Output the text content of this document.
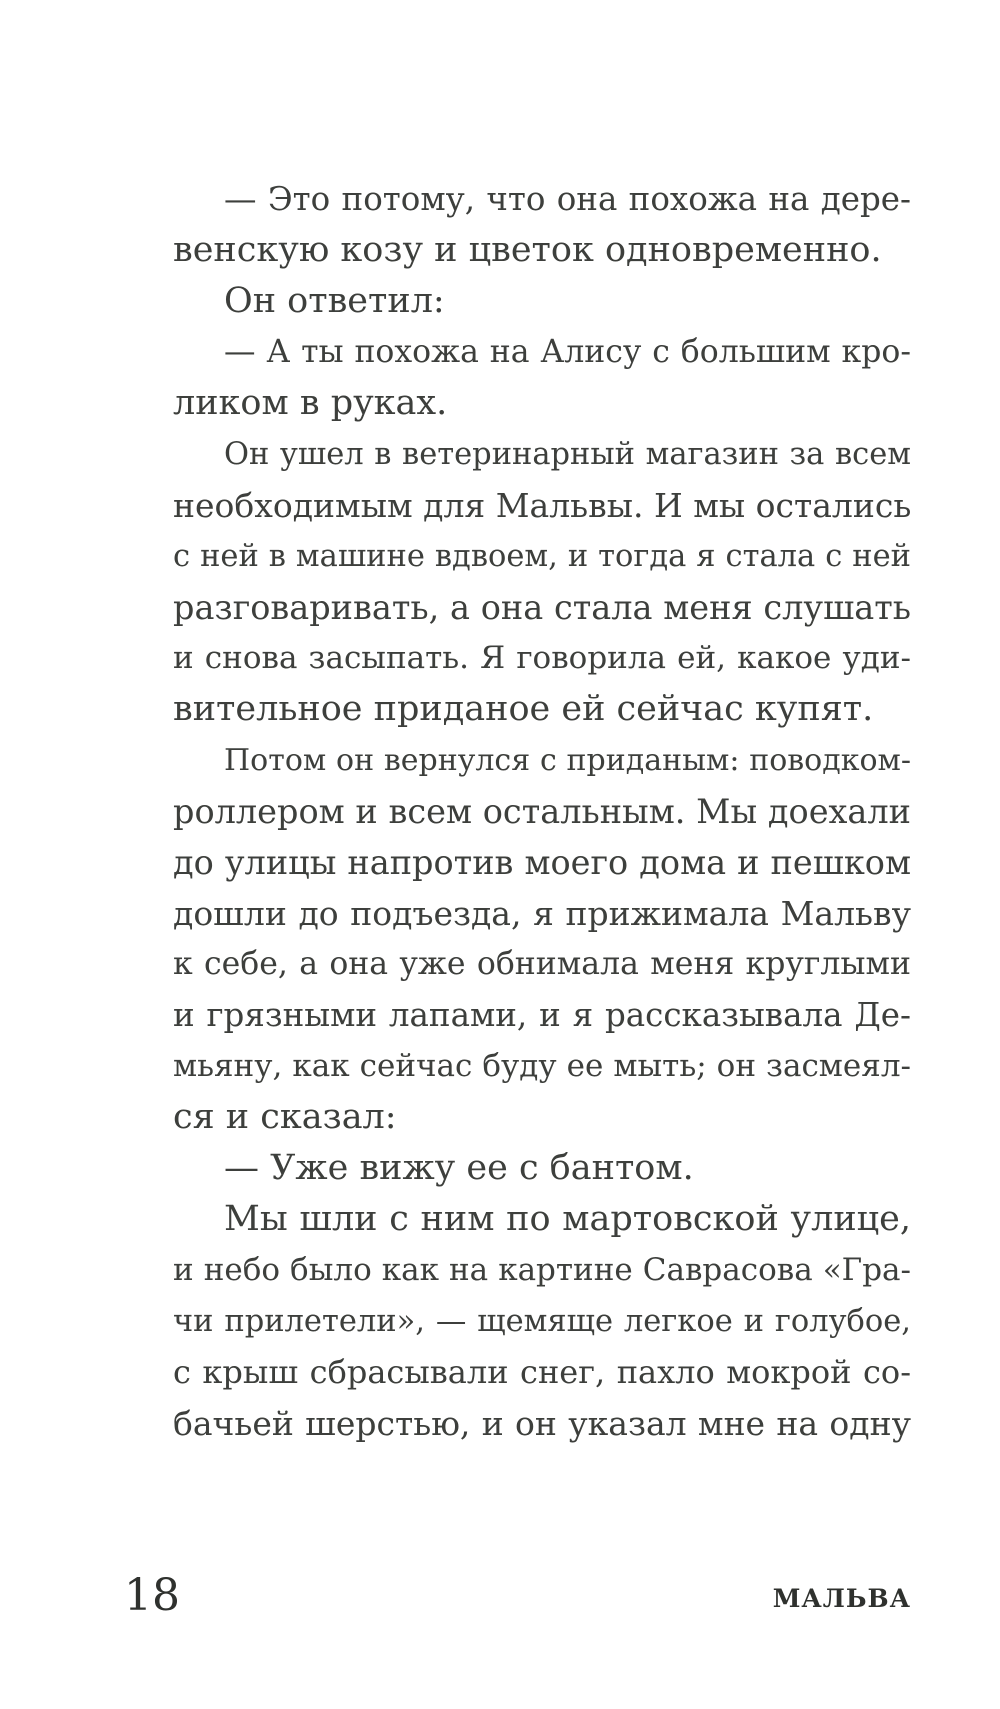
— Это потому, что она похожа на дере-
венскую козу и цветок одновременно.
Он ответил:
— А ты похожа на Алису с большим кро-
ликом в руках.
Он ушел в ветеринарный магазин за всем
необходимым для Мальвы. И мы остались
с ней в машине вдвоем, и тогда я стала с ней
разговаривать, а она стала меня слушать
и снова засыпать. Я говорила ей, какое уди-
вительное приданое ей сейчас купят.
Потом он вернулся с приданым: поводком-
роллером и всем остальным. Мы доехали
до улицы напротив моего дома и пешком
дошли до подъезда, я прижимала Мальву
к себе, а она уже обнимала меня круглыми
и грязными лапами, и я рассказывала Де-
мьяну, как сейчас буду ее мыть; он засмеял-
ся и сказал:
— Уже вижу ее с бантом.
Мы шли с ним по мартовской улице,
и небо было как на картине Саврасова «Гра-
чи прилетели», — щемяще легкое и голубое,
с крыш сбрасывали снег, пахло мокрой со-
бачьей шерстью, и он указал мне на одну
18	МАЛЬВА
